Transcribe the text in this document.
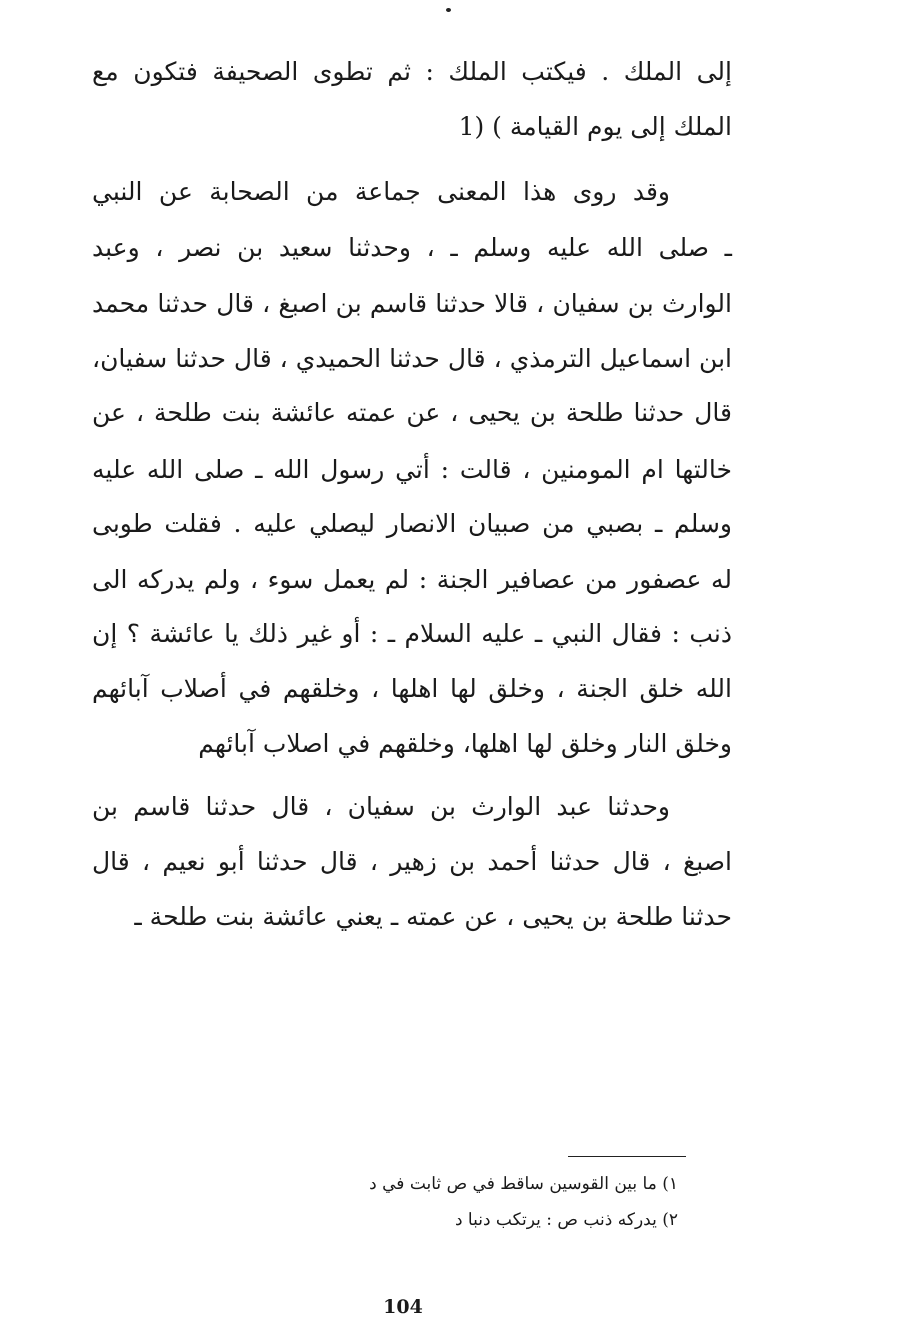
إلى الملك . فيكتب الملك : ثم تطوى الصحيفة فتكون مع
الملك إلى يوم القيامة ) (1
وقد روى هذا المعنى جماعة من الصحابة عن النبي
ـ صلى الله عليه وسلم ـ ، وحدثنا سعيد بن نصر ، وعبد
الوارث بن سفيان ، قالا حدثنا قاسم بن اصبغ ، قال حدثنا محمد
ابن اسماعيل الترمذي ، قال حدثنا الحميدي ، قال حدثنا سفيان،
قال حدثنا طلحة بن يحيى ، عن عمته عائشة بنت طلحة ، عن
خالتها ام المومنين ، قالت : أتي رسول الله ـ صلى الله عليه
وسلم ـ بصبي من صبيان الانصار ليصلي عليه . فقلت طوبى
له عصفور من عصافير الجنة : لم يعمل سوء ، ولم يدركه الى
ذنب : فقال النبي ـ عليه السلام ـ : أو غير ذلك يا عائشة ؟ إن
الله خلق الجنة ، وخلق لها اهلها ، وخلقهم في أصلاب آبائهم
وخلق النار وخلق لها اهلها، وخلقهم في اصلاب آبائهم
وحدثنا عبد الوارث بن سفيان ، قال حدثنا قاسم بن
اصبغ ، قال حدثنا أحمد بن زهير ، قال حدثنا أبو نعيم ، قال
حدثنا طلحة بن يحيى ، عن عمته ـ يعني عائشة بنت طلحة ـ
١) ما بين القوسين ساقط في ص ثابت في د
٢) يدركه ذنب ص : يرتكب دنبا د
104
